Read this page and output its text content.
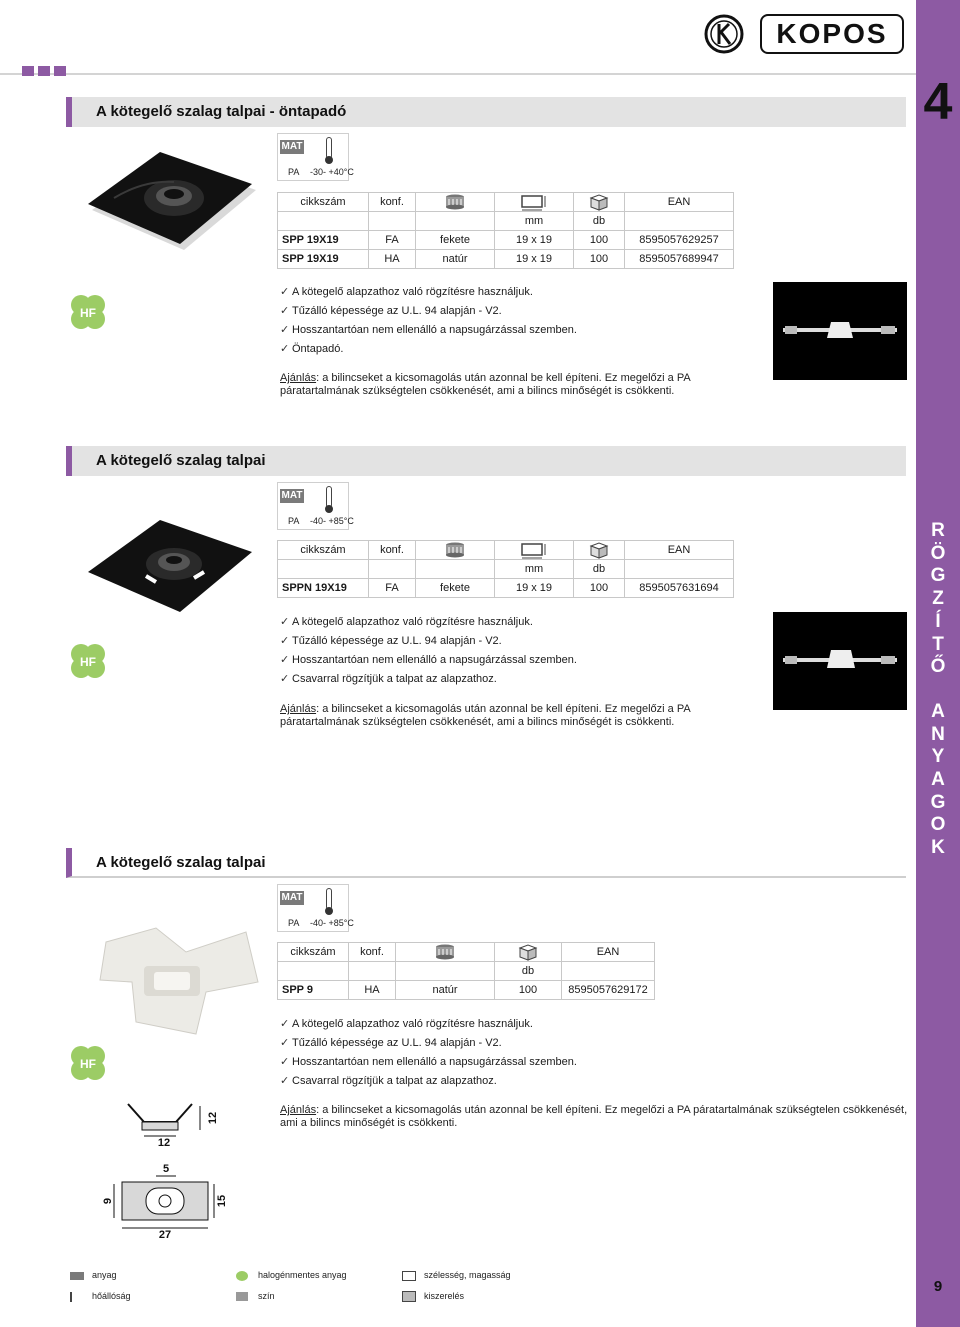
KOPOS
4
R
Ö
G
Z
Í
T
Ő
A
N
Y
A
G
O
K
9
A kötegelő szalag talpai - öntapadó
MAT
PA -30- +40°C
cikkszám	konf.				EAN
			mm	db	
SPP 19X19	FA	fekete	19 x 19	100	8595057629257
SPP 19X19	HA	natúr	19 x 19	100	8595057689947
HF
✓ A kötegelő alapzathoz való rögzítésre használjuk.
✓ Tűzálló képessége az U.L. 94 alapján - V2.
✓ Hosszantartóan nem ellenálló a napsugárzással szemben.
✓ Öntapadó.
Ajánlás: a bilincseket a kicsomagolás után azonnal be kell építeni. Ez megelőzi a PA páratartalmának szükségtelen csökkenését, ami a bilincs minőségét is csökkenti.
A kötegelő szalag talpai
MAT
PA -40- +85°C
cikkszám	konf.				EAN
			mm	db	
SPPN 19X19	FA	fekete	19 x 19	100	8595057631694
HF
✓ A kötegelő alapzathoz való rögzítésre használjuk.
✓ Tűzálló képessége az U.L. 94 alapján - V2.
✓ Hosszantartóan nem ellenálló a napsugárzással szemben.
✓ Csavarral rögzítjük a talpat az alapzathoz.
Ajánlás: a bilincseket a kicsomagolás után azonnal be kell építeni. Ez megelőzi a PA páratartalmának szükségtelen csökkenését, ami a bilincs minőségét is csökkenti.
A kötegelő szalag talpai
MAT
PA -40- +85°C
cikkszám	konf.			EAN
			db	
SPP 9	HA	natúr	100	8595057629172
HF
✓ A kötegelő alapzathoz való rögzítésre használjuk.
✓ Tűzálló képessége az U.L. 94 alapján - V2.
✓ Hosszantartóan nem ellenálló a napsugárzással szemben.
✓ Csavarral rögzítjük a talpat az alapzathoz.
Ajánlás: a bilincseket a kicsomagolás után azonnal be kell építeni. Ez megelőzi a PA páratartalmának szükségtelen csökkenését, ami a bilincs minőségét is csökkenti.
12
12
5
9	15
27
anyag	halogénmentes anyag	szélesség, magasság
hőállóság	szín	kiszerelés
